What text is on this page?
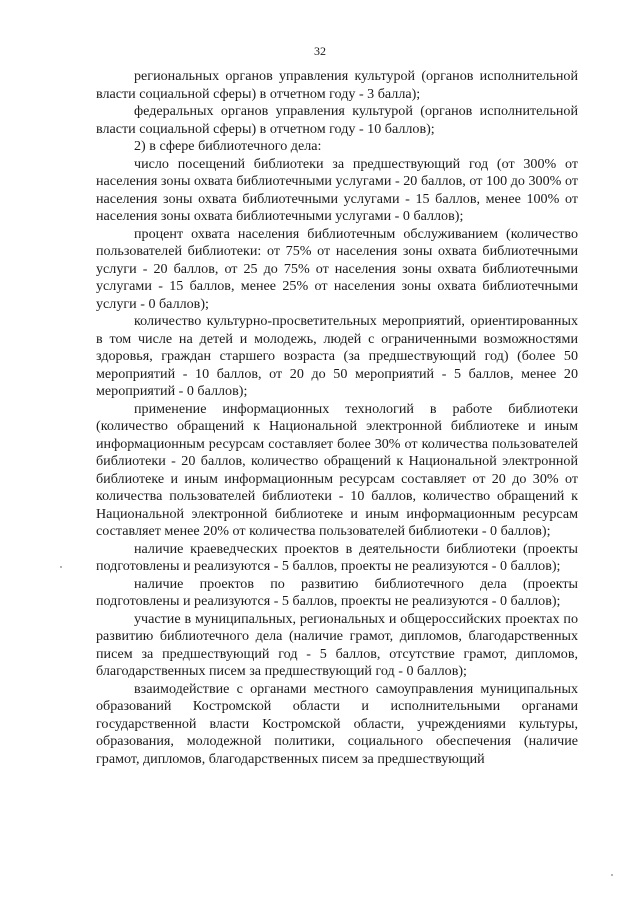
32

региональных органов управления культурой (органов исполнительной власти социальной сферы) в отчетном году - 3 балла);

федеральных органов управления культурой (органов исполнительной власти социальной сферы) в отчетном году - 10 баллов);

2) в сфере библиотечного дела:

число посещений библиотеки за предшествующий год (от 300% от населения зоны охвата библиотечными услугами - 20 баллов, от 100 до 300% от населения зоны охвата библиотечными услугами - 15 баллов, менее 100% от населения зоны охвата библиотечными услугами - 0 баллов);

процент охвата населения библиотечным обслуживанием (количество пользователей библиотеки: от 75% от населения зоны охвата библиотечными услуги - 20 баллов, от 25 до 75% от населения зоны охвата библиотечными услугами - 15 баллов, менее 25% от населения зоны охвата библиотечными услуги - 0 баллов);

количество культурно-просветительных мероприятий, ориентированных в том числе на детей и молодежь, людей с ограниченными возможностями здоровья, граждан старшего возраста (за предшествующий год) (более 50 мероприятий - 10 баллов, от 20 до 50 мероприятий - 5 баллов, менее 20 мероприятий - 0 баллов);

применение информационных технологий в работе библиотеки (количество обращений к Национальной электронной библиотеке и иным информационным ресурсам составляет более 30% от количества пользователей библиотеки - 20 баллов, количество обращений к Национальной электронной библиотеке и иным информационным ресурсам составляет от 20 до 30% от количества пользователей библиотеки - 10 баллов, количество обращений к Национальной электронной библиотеке и иным информационным ресурсам составляет менее 20% от количества пользователей библиотеки - 0 баллов);

наличие краеведческих проектов в деятельности библиотеки (проекты подготовлены и реализуются - 5 баллов, проекты не реализуются - 0 баллов);

наличие проектов по развитию библиотечного дела (проекты подготовлены и реализуются - 5 баллов, проекты не реализуются - 0 баллов);

участие в муниципальных, региональных и общероссийских проектах по развитию библиотечного дела (наличие грамот, дипломов, благодарственных писем за предшествующий год - 5 баллов, отсутствие грамот, дипломов, благодарственных писем за предшествующий год - 0 баллов);

взаимодействие с органами местного самоуправления муниципальных образований Костромской области и исполнительными органами государственной власти Костромской области, учреждениями культуры, образования, молодежной политики, социального обеспечения (наличие грамот, дипломов, благодарственных писем за предшествующий
